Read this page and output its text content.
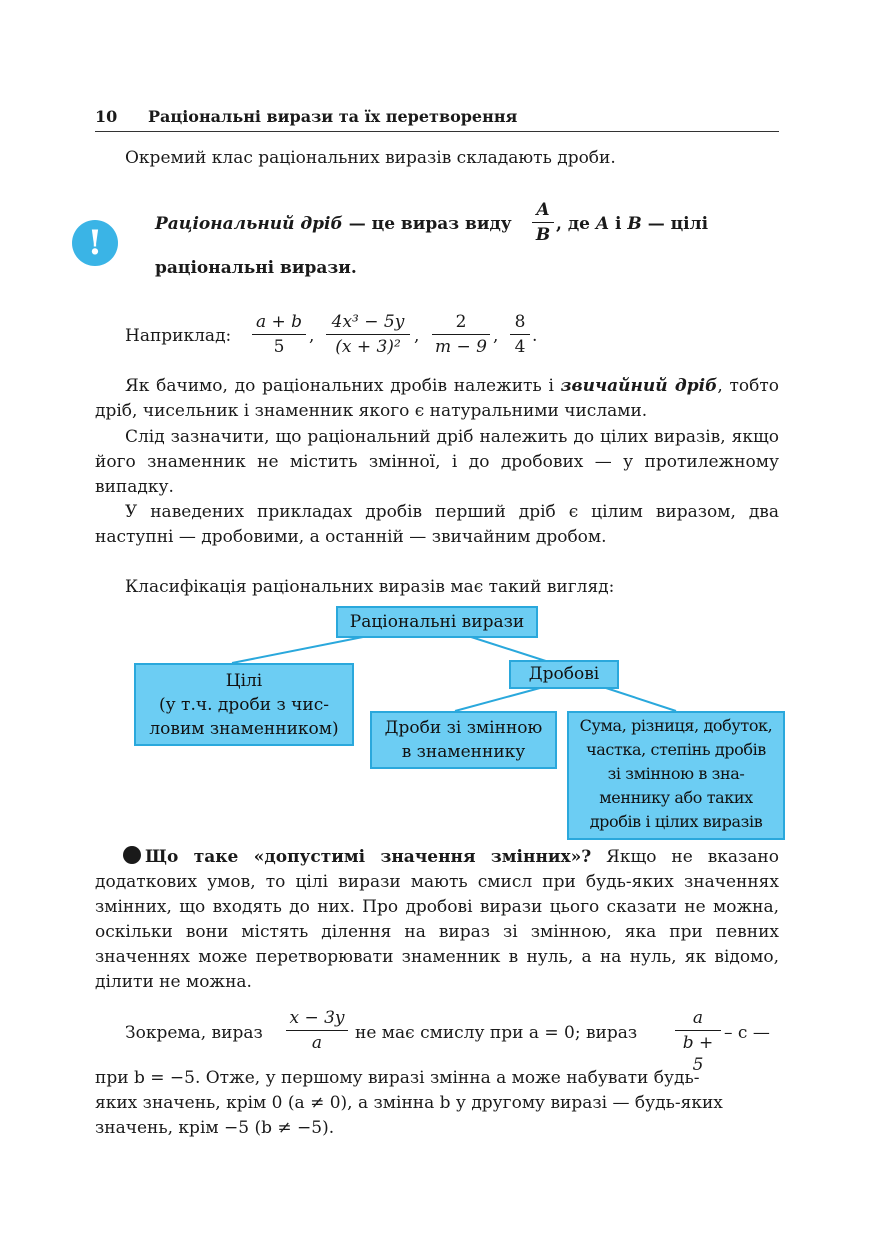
10 Раціональні вирази та їх перетворення
Окремий клас раціональних виразів складають дроби.
!	Раціональний дріб — це вираз виду
A
B
, де A і B — цілі
раціональні вирази.
Наприклад:
a + b
5
,
4x³ − 5y
(x + 3)²
,
2
m − 9
,
8
4
.
Як бачимо, до раціональних дробів належить і звичайний дріб, тобто дріб, чисельник і знаменник якого є натуральними числами.
Слід зазначити, що раціональний дріб належить до цілих виразів, якщо його знаменник не містить змінної, і до дробових — у протилежному випадку.
У наведених прикладах дробів перший дріб є цілим виразом, два наступні — дробовими, а останній — звичайним дробом.
Класифікація раціональних виразів має такий вигляд:
Раціональні вирази
Цілі
(у т.ч. дроби з чис-
ловим знаменником)
Дробові
Дроби зі змінною
в знаменнику
Сума, різниця, добуток,
частка, степінь дробів
зі змінною в зна-
меннику або таких
дробів і цілих виразів
Що таке «допустимі значення змінних»? Якщо не вказано додаткових умов, то цілі вирази мають смисл при будь-яких значеннях змінних, що входять до них. Про дробові вирази цього сказати не можна, оскільки вони містять ділення на вираз зі змінною, яка при певних значеннях може перетворювати знаменник в нуль, а на нуль, як відомо, ділити не можна.
Зокрема, вираз
x − 3y
a	не має смислу при a = 0; вираз
a
b + 5
– c —
при b = −5. Отже, у першому виразі змінна a може набувати будь-
яких значень, крім 0 (a ≠ 0), а змінна b у другому виразі — будь-яких
значень, крім −5 (b ≠ −5).
